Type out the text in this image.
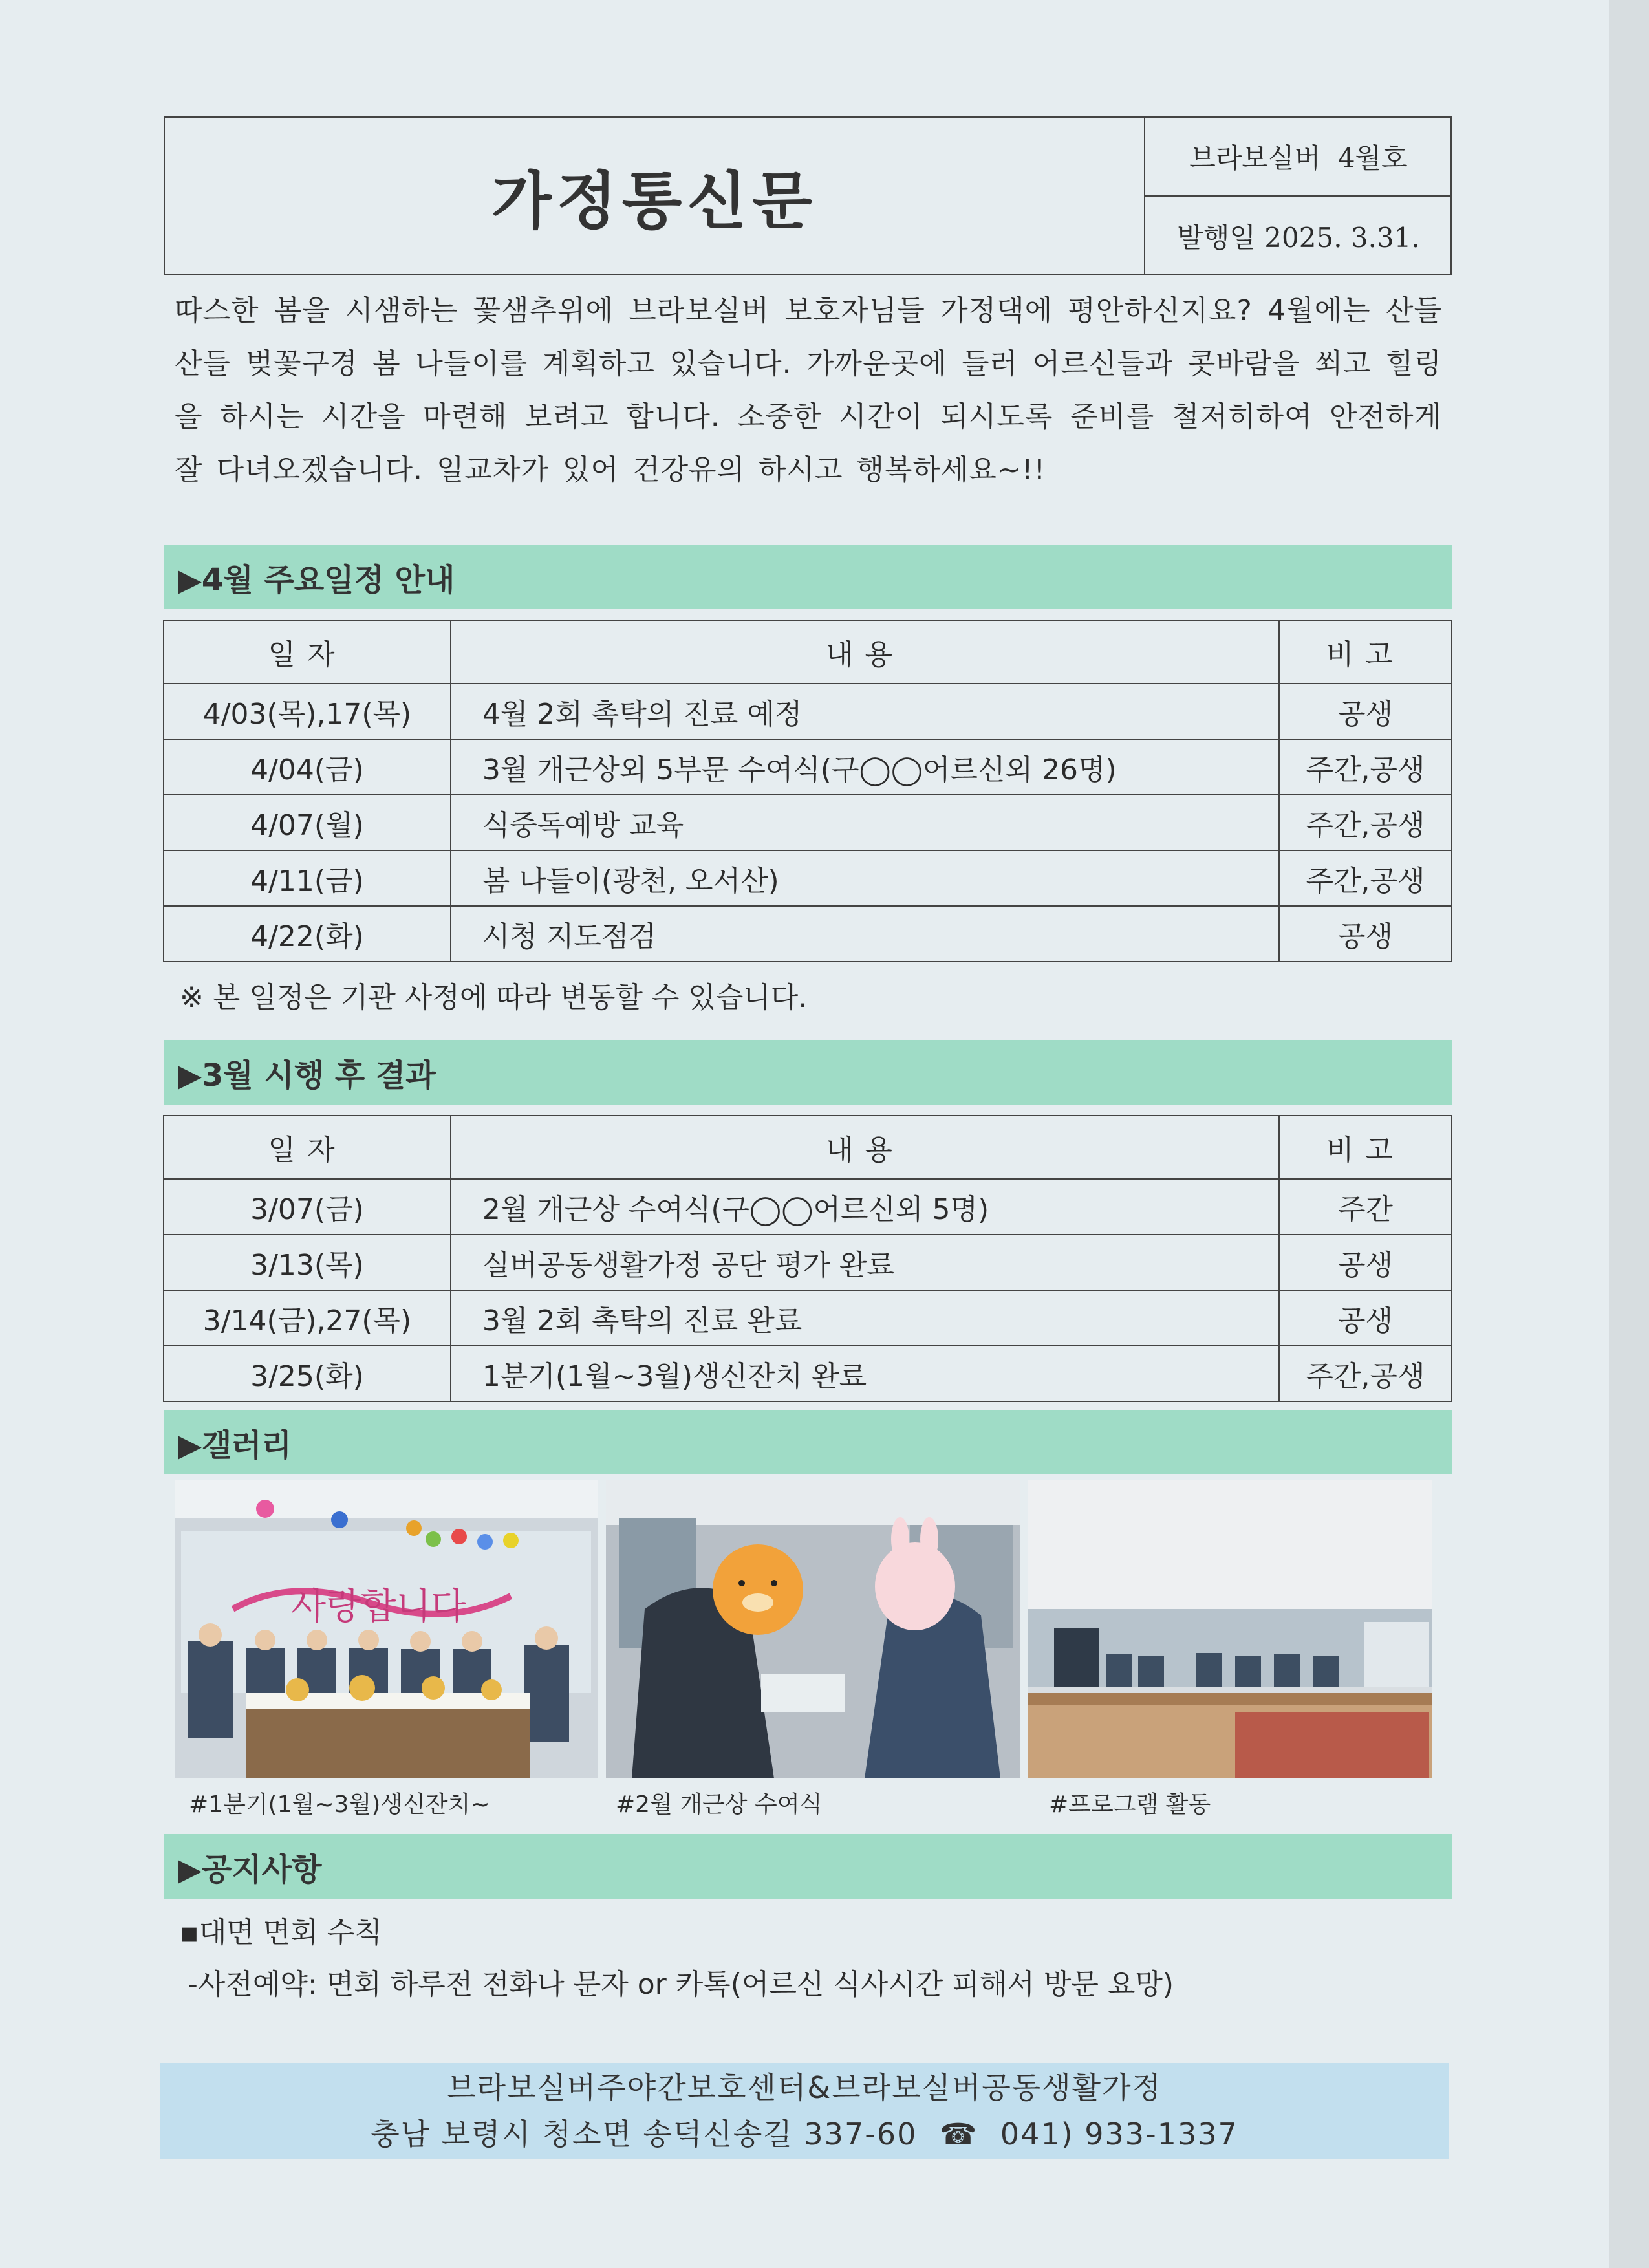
가정통신문
브라보실버  4월호
발행일 2025. 3.31.
따스한 봄을 시샘하는 꽃샘추위에 브라보실버 보호자님들 가정댁에 평안하신지요? 4월에는 산들산들 벚꽃구경 봄 나들이를 계획하고 있습니다. 가까운곳에 들러 어르신들과 콧바람을 쐬고 힐링을 하시는 시간을 마련해 보려고 합니다. 소중한 시간이 되시도록 준비를 철저히하여 안전하게 잘 다녀오겠습니다. 일교차가 있어 건강유의 하시고 행복하세요~!!
▶4월 주요일정 안내
일자	내용	비고
4/03(목),17(목)	4월 2회 촉탁의 진료 예정	공생
4/04(금)	3월 개근상외 5부문 수여식(구◯◯어르신외 26명)	주간,공생
4/07(월)	식중독예방 교육	주간,공생
4/11(금)	봄 나들이(광천, 오서산)	주간,공생
4/22(화)	시청 지도점검	공생
※ 본 일정은 기관 사정에 따라 변동할 수 있습니다.
▶3월 시행 후 결과
일자	내용	비고
3/07(금)	2월 개근상 수여식(구◯◯어르신외 5명)	주간
3/13(목)	실버공동생활가정 공단 평가 완료	공생
3/14(금),27(목)	3월 2회 촉탁의 진료 완료	공생
3/25(화)	1분기(1월~3월)생신잔치 완료	주간,공생
▶갤러리
사랑합니다
#1분기(1월~3월)생신잔치~	#2월 개근상 수여식	#프로그램 활동
▶공지사항
▪대면 면회 수칙
-사전예약: 면회 하루전 전화나 문자 or 카톡(어르신 식사시간 피해서 방문 요망)
브라보실버주야간보호센터&브라보실버공동생활가정
충남 보령시 청소면 송덕신송길 337-60 ☎ 041) 933-1337
